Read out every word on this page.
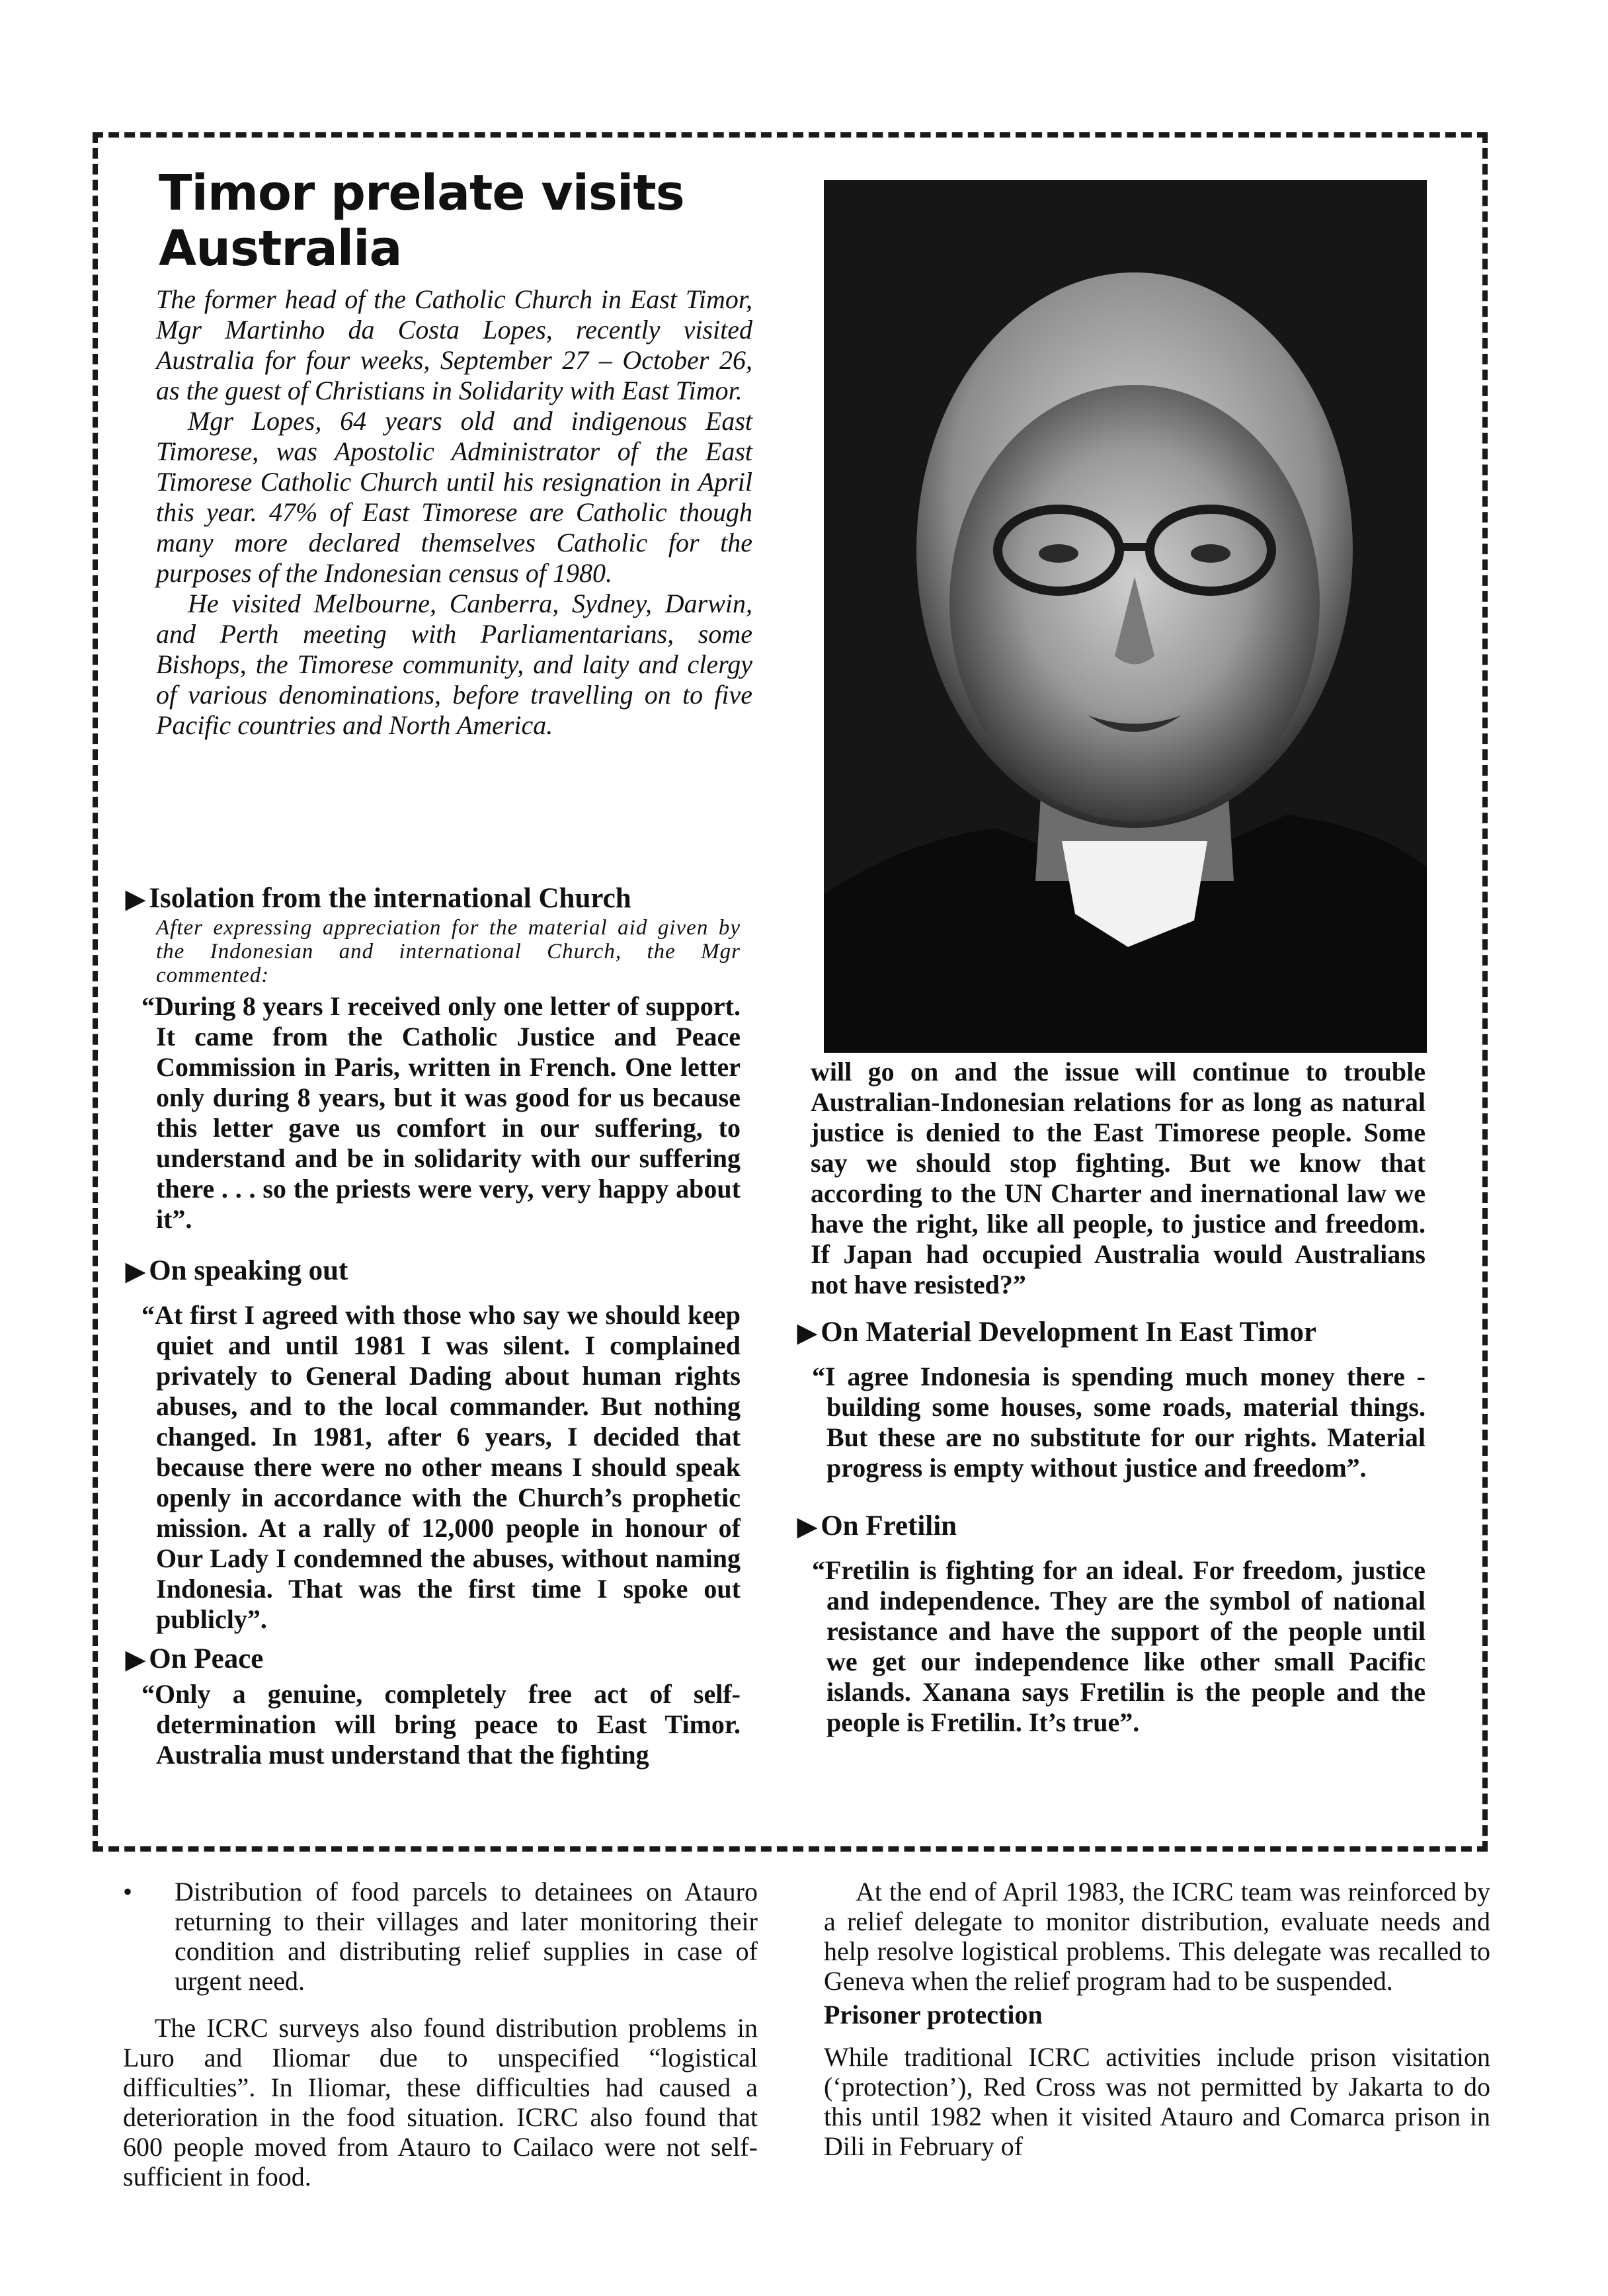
Timor prelate visits
Australia

The former head of the Catholic Church in East Timor, Mgr Martinho da Costa Lopes, recently visited Australia for four weeks, September 27 – October 26, as the guest of Christians in Solidarity with East Timor.

Mgr Lopes, 64 years old and indigenous East Timorese, was Apostolic Administrator of the East Timorese Catholic Church until his resignation in April this year. 47% of East Timorese are Catholic though many more declared themselves Catholic for the purposes of the Indonesian census of 1980.

He visited Melbourne, Canberra, Sydney, Darwin, and Perth meeting with Parliamentarians, some Bishops, the Timorese community, and laity and clergy of various denominations, before travelling on to five Pacific countries and North America.

▶ Isolation from the international Church

After expressing appreciation for the material aid given by the Indonesian and international Church, the Mgr commented:

“During 8 years I received only one letter of support. It came from the Catholic Justice and Peace Commission in Paris, written in French. One letter only during 8 years, but it was good for us because this letter gave us comfort in our suffering, to understand and be in solidarity with our suffering there . . . so the priests were very, very happy about it”.

▶ On speaking out

“At first I agreed with those who say we should keep quiet and until 1981 I was silent. I complained privately to General Dading about human rights abuses, and to the local commander. But nothing changed. In 1981, after 6 years, I decided that because there were no other means I should speak openly in accordance with the Church’s prophetic mission. At a rally of 12,000 people in honour of Our Lady I condemned the abuses, without naming Indonesia. That was the first time I spoke out publicly”.

▶ On Peace

“Only a genuine, completely free act of self-determination will bring peace to East Timor. Australia must understand that the fighting

will go on and the issue will continue to trouble Australian-Indonesian relations for as long as natural justice is denied to the East Timorese people. Some say we should stop fighting. But we know that according to the UN Charter and inernational law we have the right, like all people, to justice and freedom. If Japan had occupied Australia would Australians not have resisted?”

▶ On Material Development In East Timor

“I agree Indonesia is spending much money there - building some houses, some roads, material things. But these are no substitute for our rights. Material progress is empty without justice and freedom”.

▶ On Fretilin

“Fretilin is fighting for an ideal. For freedom, justice and independence. They are the symbol of national resistance and have the support of the people until we get our independence like other small Pacific islands. Xanana says Fretilin is the people and the people is Fretilin. It’s true”.

• Distribution of food parcels to detainees on Atauro returning to their villages and later monitoring their condition and distributing relief supplies in case of urgent need.

The ICRC surveys also found distribution problems in Luro and Iliomar due to unspecified “logistical difficulties”. In Iliomar, these difficulties had caused a deterioration in the food situation. ICRC also found that 600 people moved from Atauro to Cailaco were not self-sufficient in food.

At the end of April 1983, the ICRC team was reinforced by a relief delegate to monitor distribution, evaluate needs and help resolve logistical problems. This delegate was recalled to Geneva when the relief program had to be suspended.

Prisoner protection

While traditional ICRC activities include prison visitation (‘protection’), Red Cross was not permitted by Jakarta to do this until 1982 when it visited Atauro and Comarca prison in Dili in February of
